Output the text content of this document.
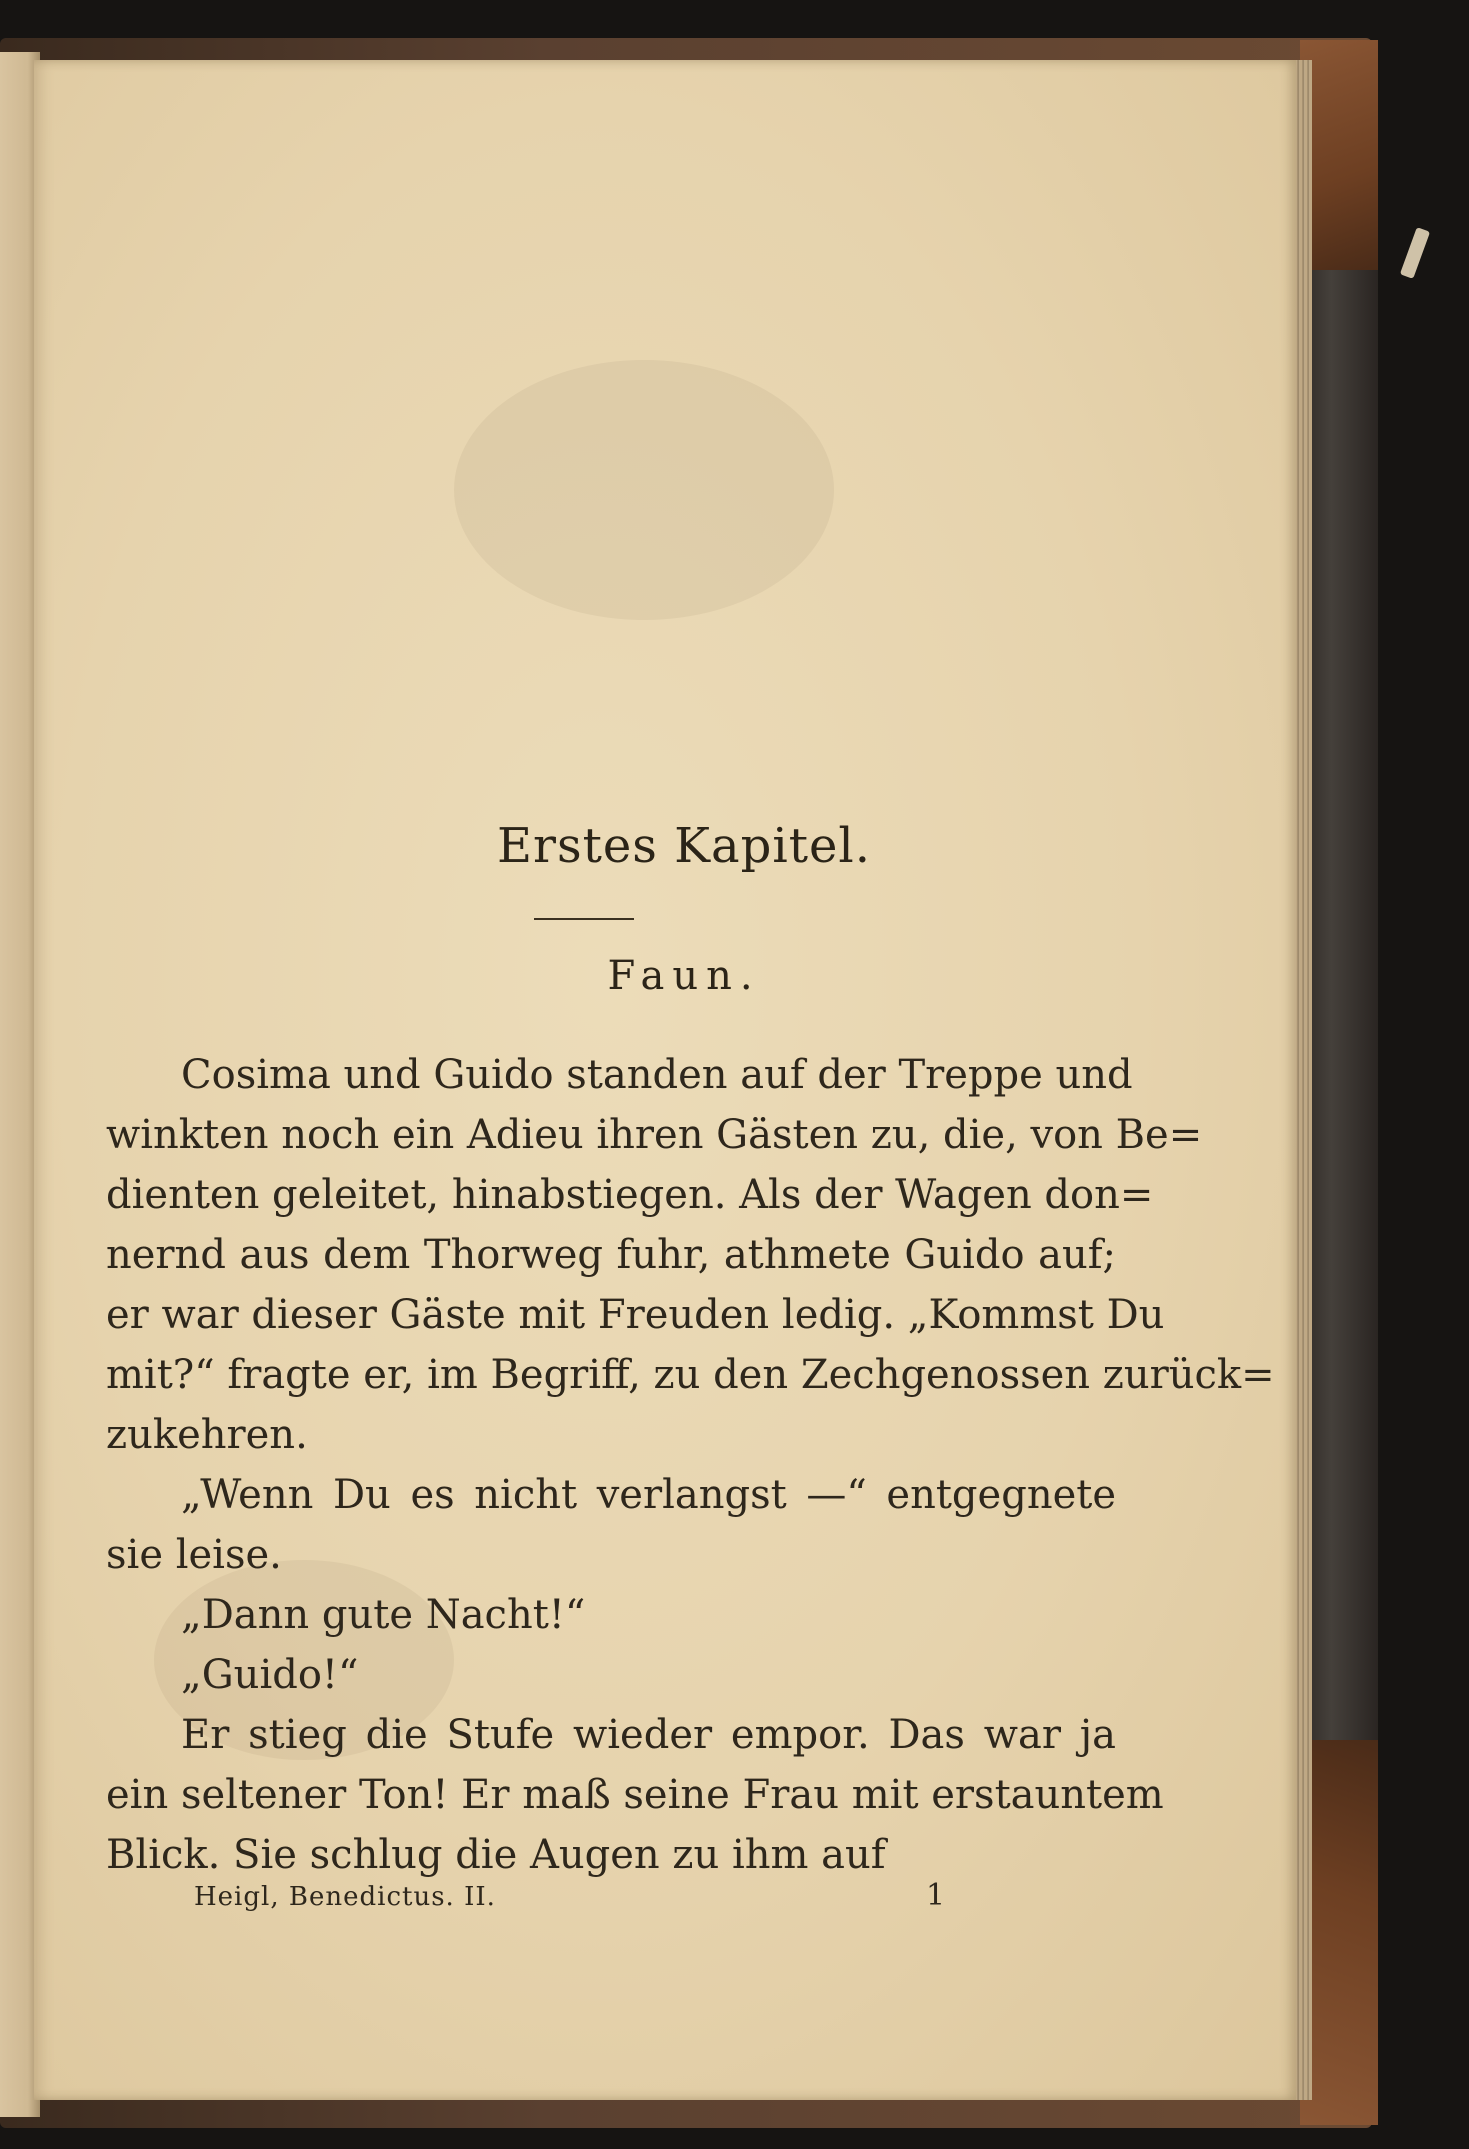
Erstes Kapitel.
Faun.
Cosima und Guido standen auf der Treppe und
winkten noch ein Adieu ihren Gästen zu, die, von Be=
dienten geleitet, hinabstiegen. Als der Wagen don=
nernd aus dem Thorweg fuhr, athmete Guido auf;
er war dieser Gäste mit Freuden ledig. „Kommst Du
mit?“ fragte er, im Begriff, zu den Zechgenossen zurück=
zukehren.
„Wenn Du es nicht verlangst —“ entgegnete
sie leise.
„Dann gute Nacht!“
„Guido!“
Er stieg die Stufe wieder empor. Das war ja
ein seltener Ton! Er maß seine Frau mit erstauntem
Blick. Sie schlug die Augen zu ihm auf
Heigl, Benedictus. II.	1
